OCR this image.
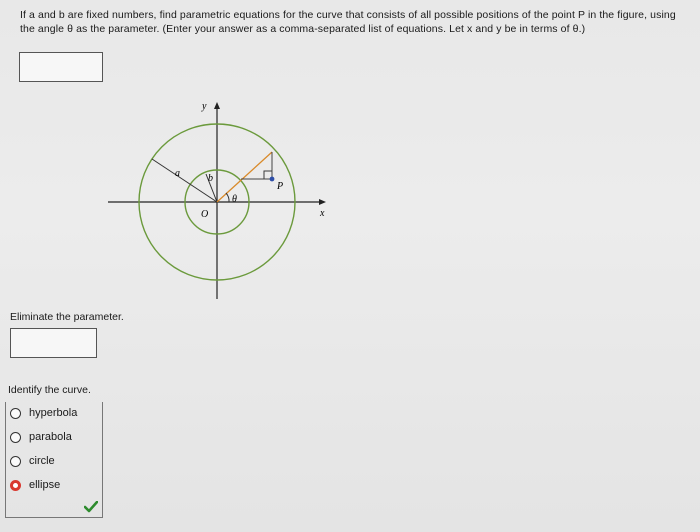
If a and b are fixed numbers, find parametric equations for the curve that consists of all possible positions of the point P in the figure, using the angle θ as the parameter. (Enter your answer as a comma-separated list of equations. Let x and y be in terms of θ.)
y
x
O
a	b
θ
P
Eliminate the parameter.
Identify the curve.
hyperbola
parabola
circle
ellipse
